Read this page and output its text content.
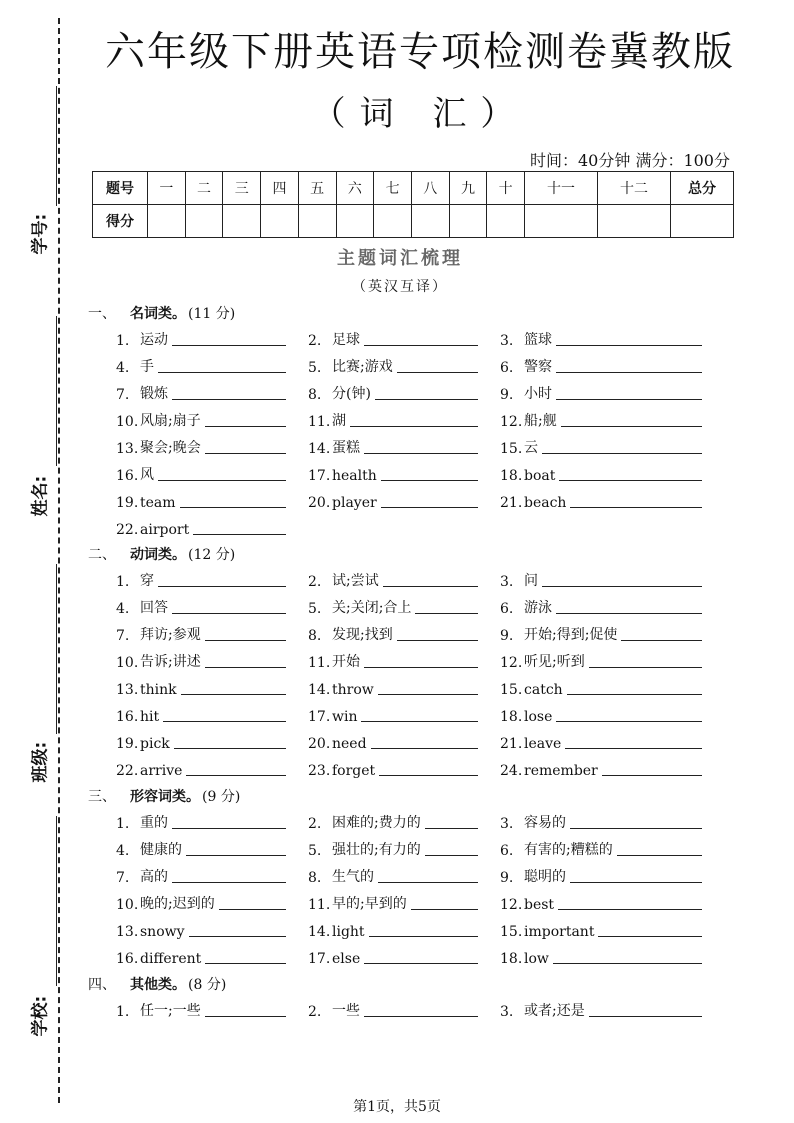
学号:
姓名:
班级:
学校:
六年级下册英语专项检测卷冀教版
（词 汇）
时间：40分钟 满分：100分
题号	一	二	三	四	五	六	七	八	九	十	十一	十二	总分
得分													
主题词汇梳理
（英汉互译）
一、 名词类。 (11 分)
1. 运动	2. 足球	3. 篮球
4. 手	5. 比赛;游戏	6. 警察
7. 锻炼	8. 分(钟)	9. 小时
10. 风扇;扇子	11. 湖	12. 船;舰
13. 聚会;晚会	14. 蛋糕	15. 云
16. 风	17. health	18. boat
19. team	20. player	21. beach
22. airport
二、 动词类。 (12 分)
1. 穿	2. 试;尝试	3. 问
4. 回答	5. 关;关闭;合上	6. 游泳
7. 拜访;参观	8. 发现;找到	9. 开始;得到;促使
10. 告诉;讲述	11. 开始	12. 听见;听到
13. think	14. throw	15. catch
16. hit	17. win	18. lose
19. pick	20. need	21. leave
22. arrive	23. forget	24. remember
三、 形容词类。 (9 分)
1. 重的	2. 困难的;费力的	3. 容易的
4. 健康的	5. 强壮的;有力的	6. 有害的;糟糕的
7. 高的	8. 生气的	9. 聪明的
10. 晚的;迟到的	11. 早的;早到的	12. best
13. snowy	14. light	15. important
16. different	17. else	18. low
四、 其他类。 (8 分)
1. 任一;一些	2. 一些	3. 或者;还是
第1页，共5页
